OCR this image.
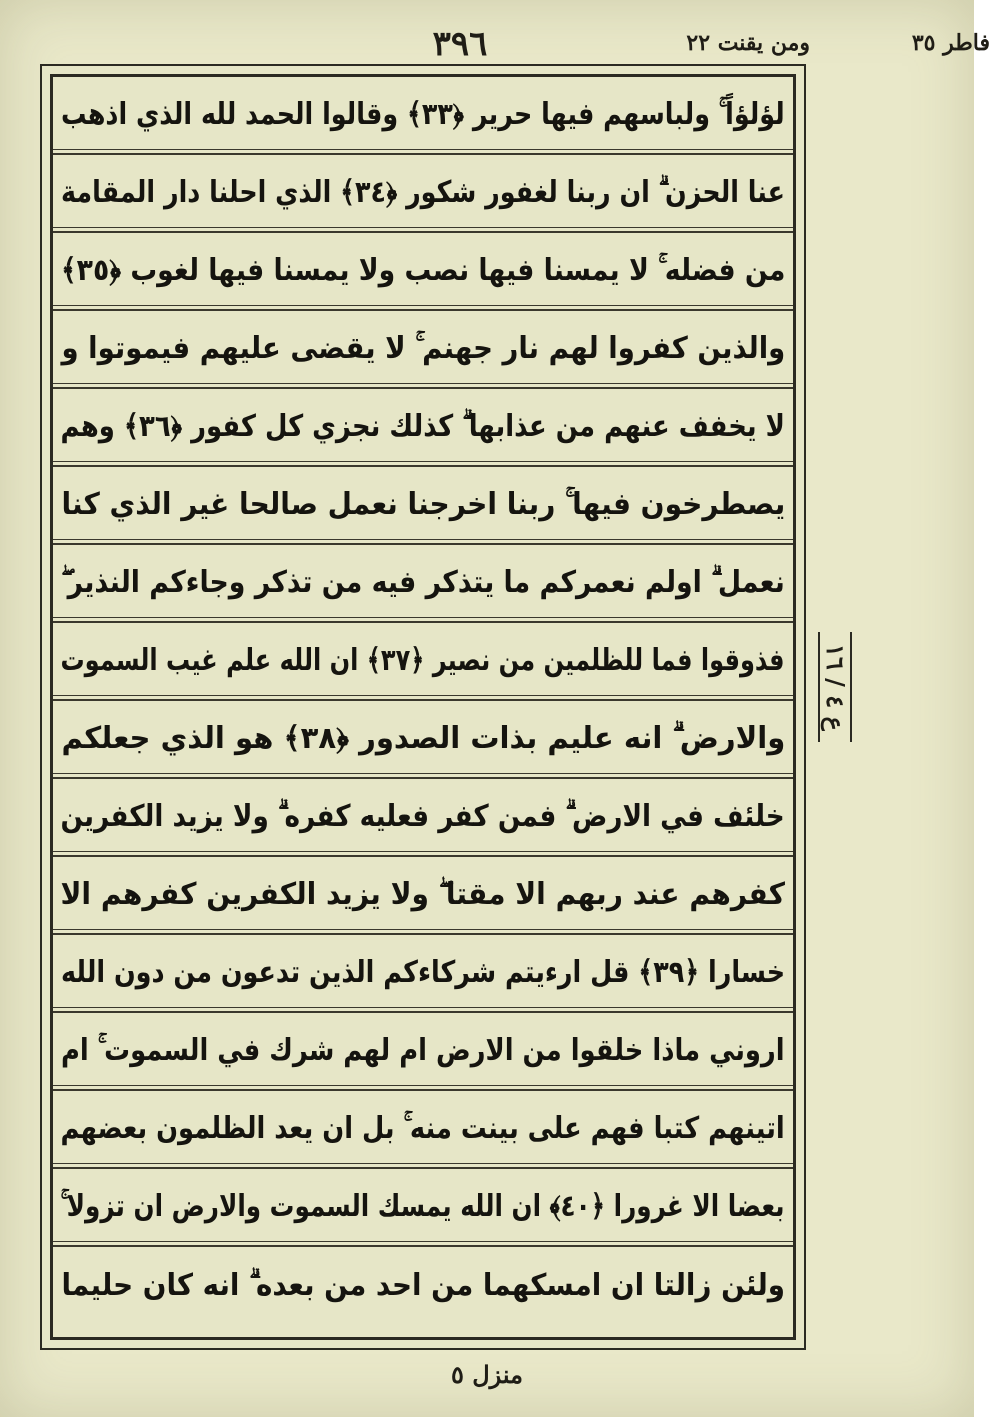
ومن يقنت ٢٢
٣٩٦	فاطر ٣٥
لؤلؤاً ۚ ولباسهم فيها حرير ﴿٣٣﴾ وقالوا الحمد لله الذي اذهب
عنا الحزن ۗ ان ربنا لغفور شكور ﴿٣٤﴾ الذي احلنا دار المقامة
من فضله ۚ لا يمسنا فيها نصب ولا يمسنا فيها لغوب ﴿٣٥﴾
والذين كفروا لهم نار جهنم ۚ لا يقضى عليهم فيموتوا و
لا يخفف عنهم من عذابها ۗ كذلك نجزي كل كفور ﴿٣٦﴾ وهم
يصطرخون فيها ۚ ربنا اخرجنا نعمل صالحا غير الذي كنا
نعمل ۗ اولم نعمركم ما يتذكر فيه من تذكر وجاءكم النذير ۖ
فذوقوا فما للظلمين من نصير ﴿٣٧﴾ ان الله علم غيب السموت
والارض ۗ انه عليم بذات الصدور ﴿٣٨﴾ هو الذي جعلكم
خلئف في الارض ۗ فمن كفر فعليه كفره ۗ ولا يزيد الكفرين
كفرهم عند ربهم الا مقتا ۖ ولا يزيد الكفرين كفرهم الا
خسارا ﴿٣٩﴾ قل ارءيتم شركاءكم الذين تدعون من دون الله
اروني ماذا خلقوا من الارض ام لهم شرك في السموت ۚ ام
اتينهم كتبا فهم على بينت منه ۚ بل ان يعد الظلمون بعضهم
بعضا الا غرورا ﴿٤٠﴾ ان الله يمسك السموت والارض ان تزولا ۚ
ولئن زالتا ان امسكهما من احد من بعده ۗ انه كان حليما
ع ٤ / ١٦
منزل ٥
